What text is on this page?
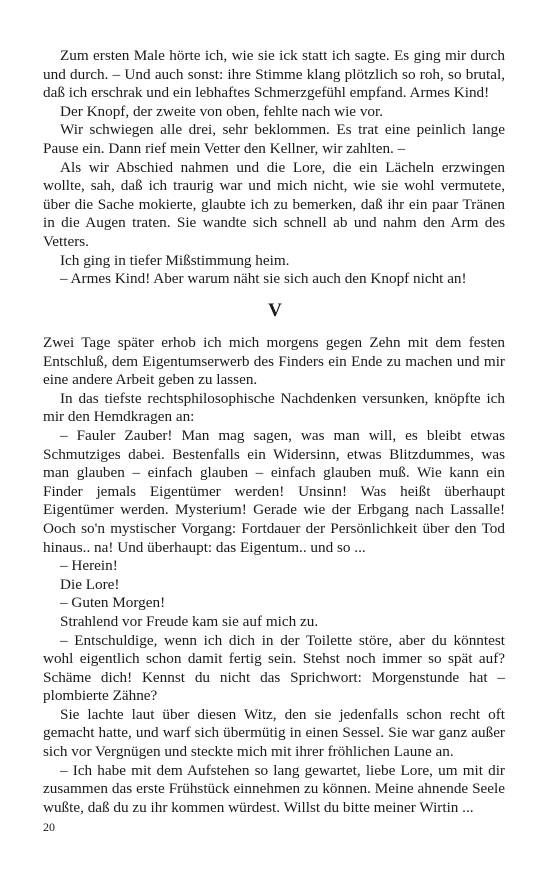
Zum ersten Male hörte ich, wie sie ick statt ich sagte. Es ging mir durch und durch. – Und auch sonst: ihre Stimme klang plötzlich so roh, so brutal, daß ich erschrak und ein lebhaftes Schmerzgefühl empfand. Armes Kind!

Der Knopf, der zweite von oben, fehlte nach wie vor.

Wir schwiegen alle drei, sehr beklommen. Es trat eine peinlich lange Pause ein. Dann rief mein Vetter den Kellner, wir zahlten. –

Als wir Abschied nahmen und die Lore, die ein Lächeln erzwingen wollte, sah, daß ich traurig war und mich nicht, wie sie wohl vermutete, über die Sache mokierte, glaubte ich zu bemerken, daß ihr ein paar Tränen in die Augen traten. Sie wandte sich schnell ab und nahm den Arm des Vetters.

Ich ging in tiefer Mißstimmung heim.

– Armes Kind! Aber warum näht sie sich auch den Knopf nicht an!

V

Zwei Tage später erhob ich mich morgens gegen Zehn mit dem festen Entschluß, dem Eigentumserwerb des Finders ein Ende zu machen und mir eine andere Arbeit geben zu lassen.

In das tiefste rechtsphilosophische Nachdenken versunken, knöpfte ich mir den Hemdkragen an:

– Fauler Zauber! Man mag sagen, was man will, es bleibt etwas Schmutziges dabei. Bestenfalls ein Widersinn, etwas Blitzdummes, was man glauben – einfach glauben – einfach glauben muß. Wie kann ein Finder jemals Eigentümer werden! Unsinn! Was heißt überhaupt Eigentümer werden. Mysterium! Gerade wie der Erbgang nach Lassalle! Ooch so'n mystischer Vorgang: Fortdauer der Persönlichkeit über den Tod hinaus.. na! Und überhaupt: das Eigentum.. und so ...

– Herein!

Die Lore!

– Guten Morgen!

Strahlend vor Freude kam sie auf mich zu.

– Entschuldige, wenn ich dich in der Toilette störe, aber du könntest wohl eigentlich schon damit fertig sein. Stehst noch immer so spät auf? Schäme dich! Kennst du nicht das Sprichwort: Morgenstunde hat – plombierte Zähne?

Sie lachte laut über diesen Witz, den sie jedenfalls schon recht oft gemacht hatte, und warf sich übermütig in einen Sessel. Sie war ganz außer sich vor Vergnügen und steckte mich mit ihrer fröhlichen Laune an.

– Ich habe mit dem Aufstehen so lang gewartet, liebe Lore, um mit dir zusammen das erste Frühstück einnehmen zu können. Meine ahnende Seele wußte, daß du zu ihr kommen würdest. Willst du bitte meiner Wirtin ...

20
